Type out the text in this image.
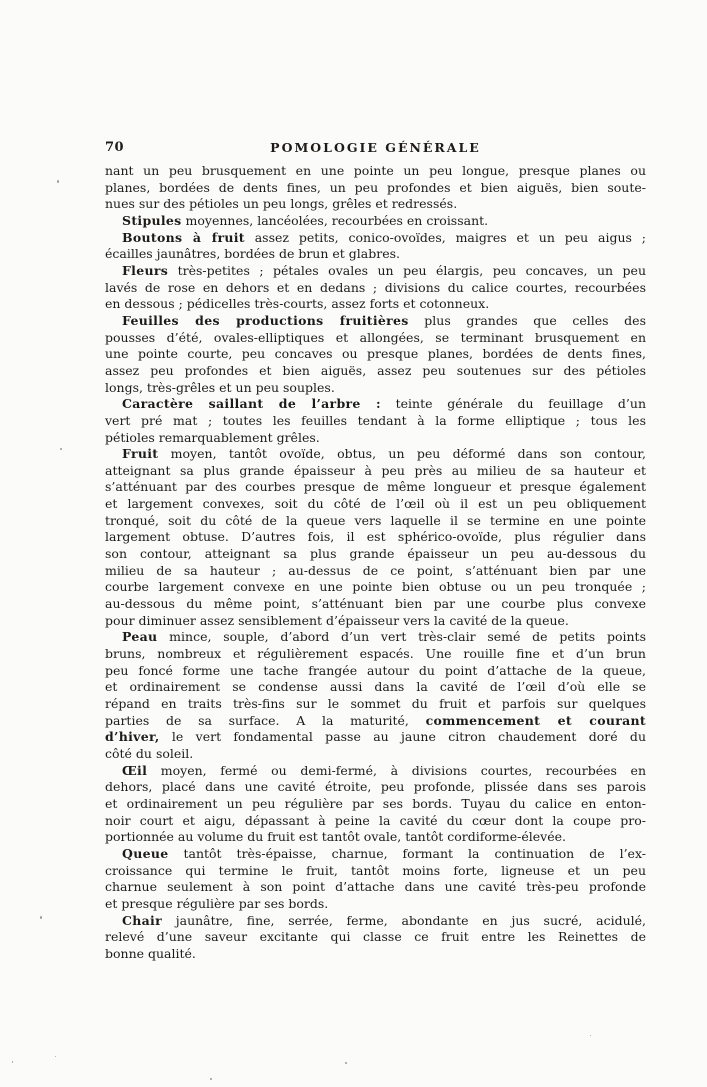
70	POMOLOGIE GÉNÉRALE
nant un peu brusquement en une pointe un peu longue, presque planes ou
planes, bordées de dents fines, un peu profondes et bien aiguës, bien soute-
nues sur des pétioles un peu longs, grêles et redressés.
Stipules moyennes, lancéolées, recourbées en croissant.
Boutons à fruit assez petits, conico-ovoïdes, maigres et un peu aigus ;
écailles jaunâtres, bordées de brun et glabres.
Fleurs très-petites ; pétales ovales un peu élargis, peu concaves, un peu
lavés de rose en dehors et en dedans ; divisions du calice courtes, recourbées
en dessous ; pédicelles très-courts, assez forts et cotonneux.
Feuilles des productions fruitières plus grandes que celles des
pousses d’été, ovales-elliptiques et allongées, se terminant brusquement en
une pointe courte, peu concaves ou presque planes, bordées de dents fines,
assez peu profondes et bien aiguës, assez peu soutenues sur des pétioles
longs, très-grêles et un peu souples.
Caractère saillant de l’arbre : teinte générale du feuillage d’un
vert pré mat ; toutes les feuilles tendant à la forme elliptique ; tous les
pétioles remarquablement grêles.
Fruit moyen, tantôt ovoïde, obtus, un peu déformé dans son contour,
atteignant sa plus grande épaisseur à peu près au milieu de sa hauteur et
s’atténuant par des courbes presque de même longueur et presque également
et largement convexes, soit du côté de l’œil où il est un peu obliquement
tronqué, soit du côté de la queue vers laquelle il se termine en une pointe
largement obtuse. D’autres fois, il est sphérico-ovoïde, plus régulier dans
son contour, atteignant sa plus grande épaisseur un peu au-dessous du
milieu de sa hauteur ; au-dessus de ce point, s’atténuant bien par une
courbe largement convexe en une pointe bien obtuse ou un peu tronquée ;
au-dessous du même point, s’atténuant bien par une courbe plus convexe
pour diminuer assez sensiblement d’épaisseur vers la cavité de la queue.
Peau mince, souple, d’abord d’un vert très-clair semé de petits points
bruns, nombreux et régulièrement espacés. Une rouille fine et d’un brun
peu foncé forme une tache frangée autour du point d’attache de la queue,
et ordinairement se condense aussi dans la cavité de l’œil d’où elle se
répand en traits très-fins sur le sommet du fruit et parfois sur quelques
parties de sa surface. A la maturité, commencement et courant
d’hiver, le vert fondamental passe au jaune citron chaudement doré du
côté du soleil.
Œil moyen, fermé ou demi-fermé, à divisions courtes, recourbées en
dehors, placé dans une cavité étroite, peu profonde, plissée dans ses parois
et ordinairement un peu régulière par ses bords. Tuyau du calice en enton-
noir court et aigu, dépassant à peine la cavité du cœur dont la coupe pro-
portionnée au volume du fruit est tantôt ovale, tantôt cordiforme-élevée.
Queue tantôt très-épaisse, charnue, formant la continuation de l’ex-
croissance qui termine le fruit, tantôt moins forte, ligneuse et un peu
charnue seulement à son point d’attache dans une cavité très-peu profonde
et presque régulière par ses bords.
Chair jaunâtre, fine, serrée, ferme, abondante en jus sucré, acidulé,
relevé d’une saveur excitante qui classe ce fruit entre les Reinettes de
bonne qualité.
